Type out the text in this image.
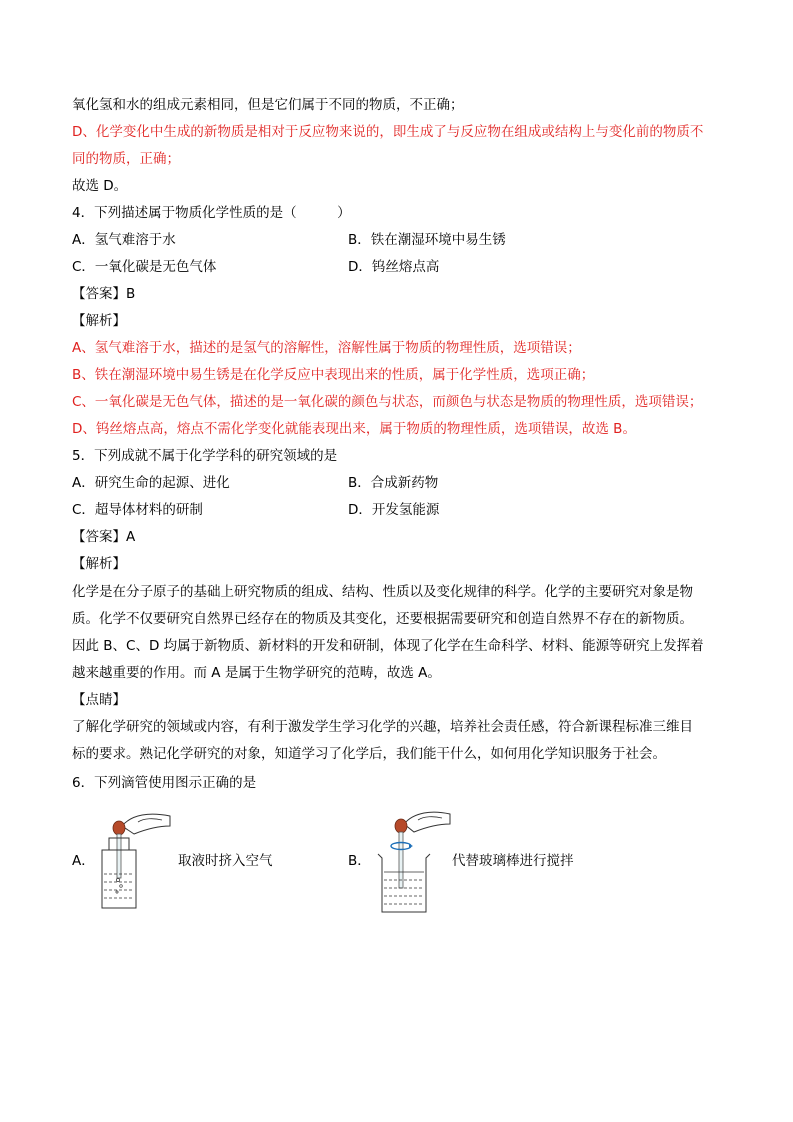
氧化氢和水的组成元素相同，但是它们属于不同的物质，不正确；
D、化学变化中生成的新物质是相对于反应物来说的，即生成了与反应物在组成或结构上与变化前的物质不
同的物质，正确；
故选 D。
4．下列描述属于物质化学性质的是（　　　）
A．氢气难溶于水	B．铁在潮湿环境中易生锈
C．一氧化碳是无色气体	D．钨丝熔点高
【答案】B
【解析】
A、氢气难溶于水，描述的是氢气的溶解性，溶解性属于物质的物理性质，选项错误；
B、铁在潮湿环境中易生锈是在化学反应中表现出来的性质，属于化学性质，选项正确；
C、一氧化碳是无色气体，描述的是一氧化碳的颜色与状态，而颜色与状态是物质的物理性质，选项错误；
D、钨丝熔点高，熔点不需化学变化就能表现出来，属于物质的物理性质，选项错误，故选 B。
5．下列成就不属于化学学科的研究领域的是
A．研究生命的起源、进化	B．合成新药物
C．超导体材料的研制	D．开发氢能源
【答案】A
【解析】
化学是在分子原子的基础上研究物质的组成、结构、性质以及变化规律的科学。化学的主要研究对象是物
质。化学不仅要研究自然界已经存在的物质及其变化，还要根据需要研究和创造自然界不存在的新物质。
因此 B、C、D 均属于新物质、新材料的开发和研制，体现了化学在生命科学、材料、能源等研究上发挥着
越来越重要的作用。而 A 是属于生物学研究的范畴，故选 A。
【点睛】
了解化学研究的领域或内容，有利于激发学生学习化学的兴趣，培养社会责任感，符合新课程标准三维目
标的要求。熟记化学研究的对象，知道学习了化学后，我们能干什么，如何用化学知识服务于社会。
6．下列滴管使用图示正确的是
A．	取液时挤入空气	B．	代替玻璃棒进行搅拌
